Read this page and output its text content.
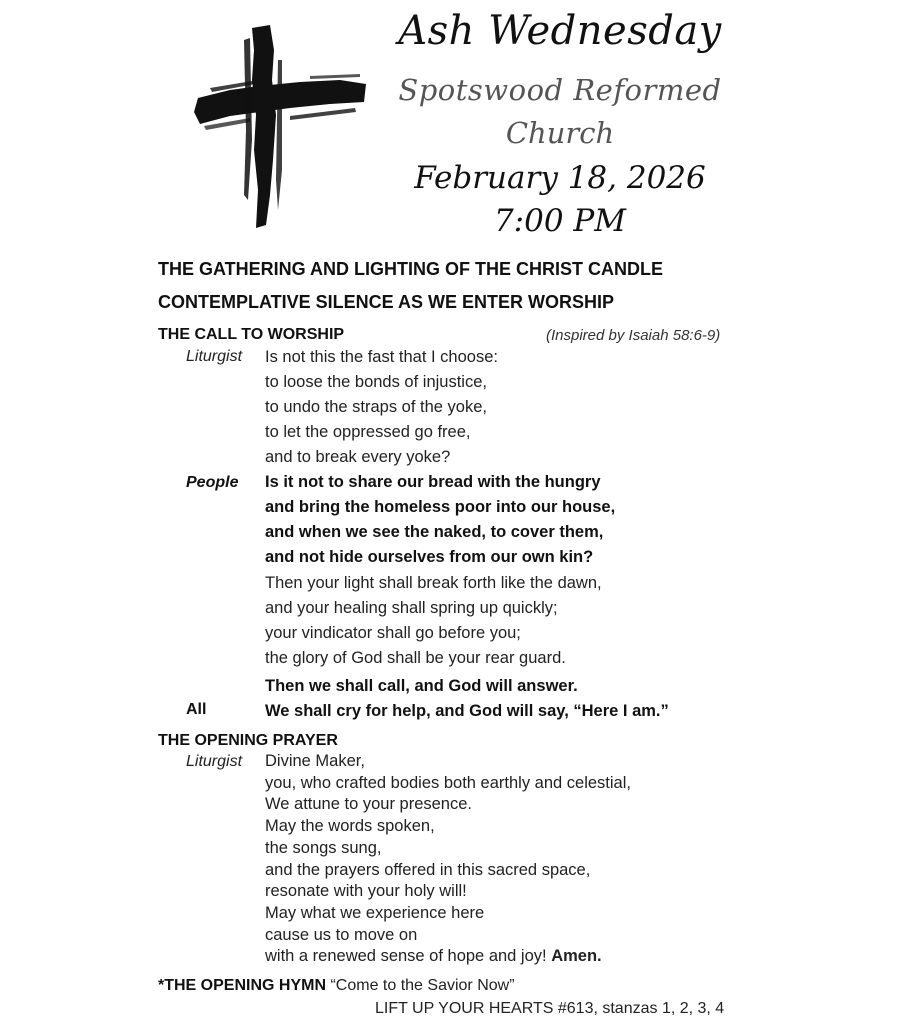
Ash Wednesday
Spotswood Reformed
Church
February 18, 2026
7:00 PM
THE GATHERING AND LIGHTING OF THE CHRIST CANDLE
CONTEMPLATIVE SILENCE AS WE ENTER WORSHIP
THE CALL TO WORSHIP	(Inspired by Isaiah 58:6-9)
Liturgist Is not this the fast that I choose:
to loose the bonds of injustice,
to undo the straps of the yoke,
to let the oppressed go free,
and to break every yoke?
People Is it not to share our bread with the hungry
and bring the homeless poor into our house,
and when we see the naked, to cover them,
and not hide ourselves from our own kin?
Then your light shall break forth like the dawn,
and your healing shall spring up quickly;
your vindicator shall go before you;
the glory of God shall be your rear guard.
Then we shall call, and God will answer.
All	We shall cry for help, and God will say, “Here I am.”
THE OPENING PRAYER
Liturgist Divine Maker,
you, who crafted bodies both earthly and celestial,
We attune to your presence.
May the words spoken,
the songs sung,
and the prayers offered in this sacred space,
resonate with your holy will!
May what we experience here
cause us to move on
with a renewed sense of hope and joy! Amen.
*THE OPENING HYMN “Come to the Savior Now”
LIFT UP YOUR HEARTS #613, stanzas 1, 2, 3, 4
